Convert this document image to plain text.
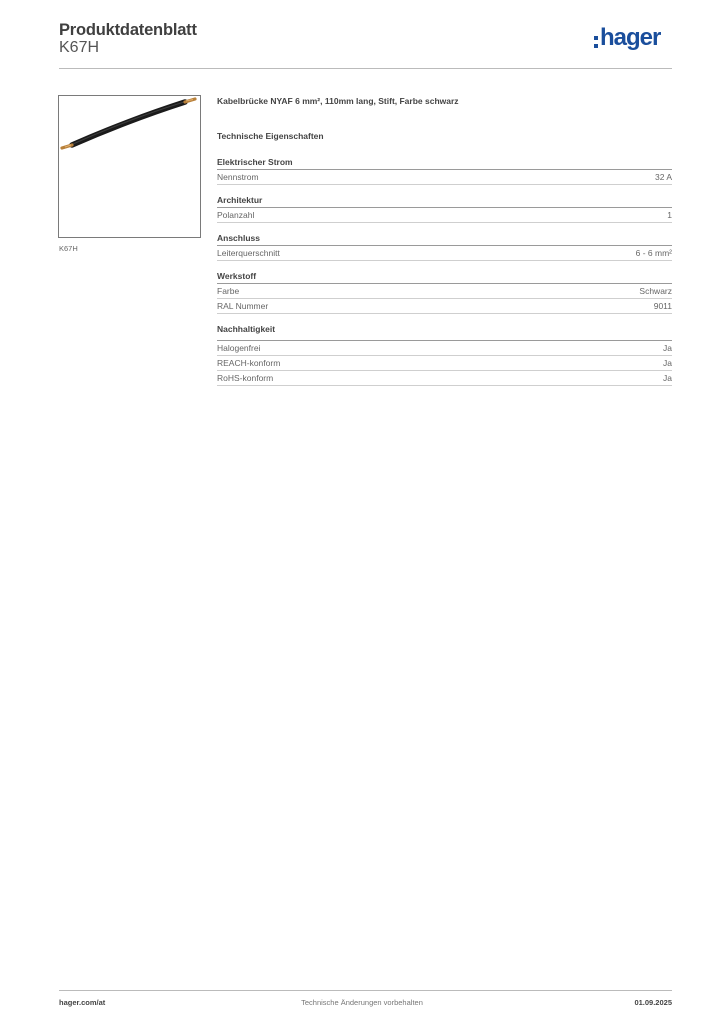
Produktdatenblatt
K67H	hager
K67H
Kabelbrücke NYAF 6 mm², 110mm lang, Stift, Farbe schwarz
Technische Eigenschaften
Elektrischer Strom
Nennstrom	32 A
Architektur
Polanzahl	1
Anschluss
Leiterquerschnitt	6 - 6 mm²
Werkstoff
Farbe	Schwarz
RAL Nummer	9011
Nachhaltigkeit
Halogenfrei	Ja
REACH-konform	Ja
RoHS-konform	Ja
Technische Änderungen vorbehalten
hager.com/at	01.09.2025
